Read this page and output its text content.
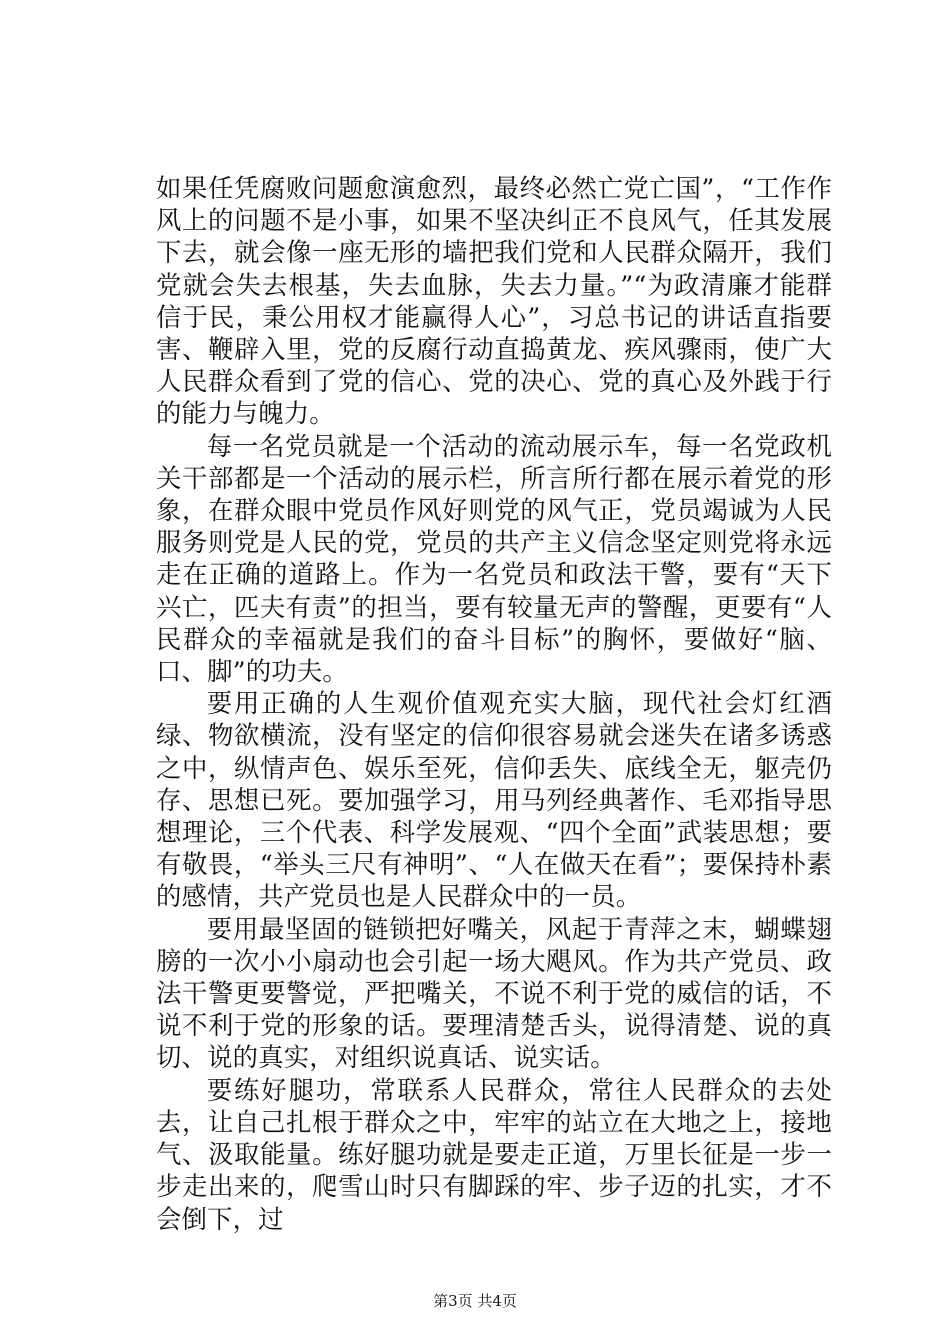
如果任凭腐败问题愈演愈烈，最终必然亡党亡国”，“工作作风上的问题不是小事，如果不坚决纠正不良风气，任其发展下去，就会像一座无形的墙把我们党和人民群众隔开，我们党就会失去根基，失去血脉，失去力量。”“为政清廉才能群信于民，秉公用权才能赢得人心”，习总书记的讲话直指要害、鞭辟入里，党的反腐行动直捣黄龙、疾风骤雨，使广大人民群众看到了党的信心、党的决心、党的真心及外践于行的能力与魄力。

每一名党员就是一个活动的流动展示车，每一名党政机关干部都是一个活动的展示栏，所言所行都在展示着党的形象，在群众眼中党员作风好则党的风气正，党员竭诚为人民服务则党是人民的党，党员的共产主义信念坚定则党将永远走在正确的道路上。作为一名党员和政法干警，要有“天下兴亡，匹夫有责”的担当，要有较量无声的警醒，更要有“人民群众的幸福就是我们的奋斗目标”的胸怀，要做好“脑、口、脚”的功夫。

要用正确的人生观价值观充实大脑，现代社会灯红酒绿、物欲横流，没有坚定的信仰很容易就会迷失在诸多诱惑之中，纵情声色、娱乐至死，信仰丢失、底线全无，躯壳仍存、思想已死。要加强学习，用马列经典著作、毛邓指导思想理论，三个代表、科学发展观、“四个全面”武装思想；要有敬畏，“举头三尺有神明”、“人在做天在看”；要保持朴素的感情，共产党员也是人民群众中的一员。

要用最坚固的链锁把好嘴关，风起于青萍之末，蝴蝶翅膀的一次小小扇动也会引起一场大飓风。作为共产党员、政法干警更要警觉，严把嘴关，不说不利于党的威信的话，不说不利于党的形象的话。要理清楚舌头，说得清楚、说的真切、说的真实，对组织说真话、说实话。

要练好腿功，常联系人民群众，常往人民群众的去处去，让自己扎根于群众之中，牢牢的站立在大地之上，接地气、汲取能量。练好腿功就是要走正道，万里长征是一步一步走出来的，爬雪山时只有脚踩的牢、步子迈的扎实，才不会倒下，过

第3页 共4页
